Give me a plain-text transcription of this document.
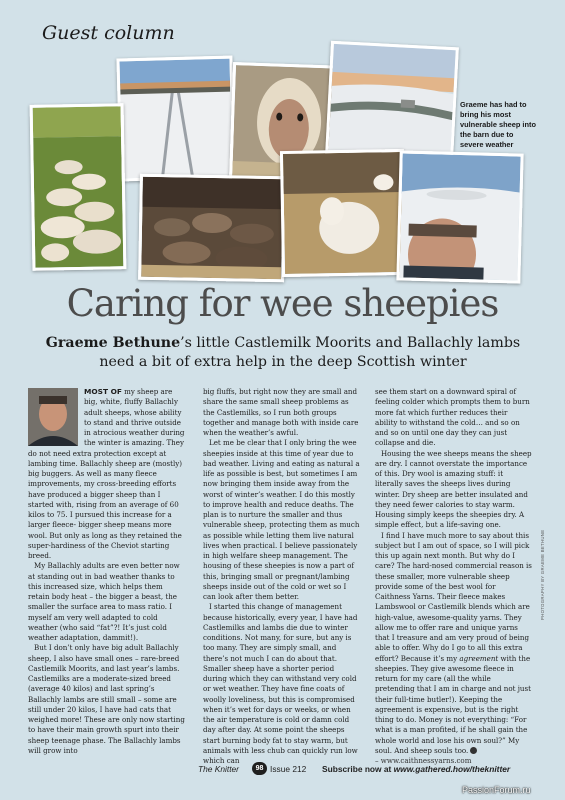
Guest column
Graeme has had to bring his most vulnerable sheep into the barn due to severe weather
Caring for wee sheepies

Graeme Bethune’s little Castlemilk Moorits and Ballachly lambs need a bit of extra help in the deep Scottish winter

MOST OF my sheep are big, white, fluffy Ballachly adult sheeps, whose ability to stand and thrive outside in atrocious weather during the winter is amazing. They do not need extra protection except at lambing time. Ballachly sheep are (mostly) big buggers. As well as many fleece improvements, my cross-breeding efforts have produced a bigger sheep than I started with, rising from an average of 60 kilos to 75. I pursued this increase for a larger fleece- bigger sheep means more wool. But only as long as they retained the super-hardiness of the Cheviot starting breed.

My Ballachly adults are even better now at standing out in bad weather thanks to this increased size, which helps them retain body heat – the bigger a beast, the smaller the surface area to mass ratio. I myself am very well adapted to cold weather (who said “fat”?! It’s just cold weather adaptation, dammit!).

But I don’t only have big adult Ballachly sheep, I also have small ones – rare-breed Castlemilk Moorits, and last year’s lambs. Castlemilks are a moderate-sized breed (average 40 kilos) and last spring’s Ballachly lambs are still small – some are still under 20 kilos, I have had cats that weighed more! These are only now starting to have their main growth spurt into their sheep teenage phase. The Ballachly lambs will grow into

big fluffs, but right now they are small and share the same small sheep problems as the Castlemilks, so I run both groups together and manage both with inside care when the weather’s awful.

Let me be clear that I only bring the wee sheepies inside at this time of year due to bad weather. Living and eating as natural a life as possible is best, but sometimes I am now bringing them inside away from the worst of winter’s weather. I do this mostly to improve health and reduce deaths. The plan is to nurture the smaller and thus vulnerable sheep, protecting them as much as possible while letting them live natural lives when practical. I believe passionately in high welfare sheep management. The housing of these sheepies is now a part of this, bringing small or pregnant/lambing sheeps inside out of the cold or wet so I can look after them better.

I started this change of management because historically, every year, I have had Castlemilks and lambs die due to winter conditions. Not many, for sure, but any is too many. They are simply small, and there’s not much I can do about that. Smaller sheep have a shorter period during which they can withstand very cold or wet weather. They have fine coats of woolly loveliness, but this is compromised when it’s wet for days or weeks, or when the air temperature is cold or damn cold day after day. At some point the sheeps start burning body fat to stay warm, but animals with less chub can quickly run low which can

see them start on a downward spiral of feeling colder which prompts them to burn more fat which further reduces their ability to withstand the cold… and so on and so on until one day they can just collapse and die.

Housing the wee sheeps means the sheep are dry. I cannot overstate the importance of this. Dry wool is amazing stuff: it literally saves the sheeps lives during winter. Dry sheep are better insulated and they need fewer calories to stay warm. Housing simply keeps the sheepies dry. A simple effect, but a life-saving one.

I find I have much more to say about this subject but I am out of space, so I will pick this up again next month. But why do I care? The hard-nosed commercial reason is these smaller, more vulnerable sheep provide some of the best wool for Caithness Yarns. Their fleece makes Lambswool or Castlemilk blends which are high-value, awesome-quality yarns. They allow me to offer rare and unique yarns that I treasure and am very proud of being able to offer. Why do I go to all this extra effort? Because it’s my agreement with the sheepies. They give awesome fleece in return for my care (all the while pretending that I am in charge and not just their full-time butler!). Keeping the agreement is expensive, but is the right thing to do. Money is not everything: “For what is a man profited, if he shall gain the whole world and lose his own soul?” My soul. And sheep souls too.

– www.caithnessyarns.com

PHOTOGRAPHY BY GRAEME BETHUNE
The Knitter	98 Issue 212 Subscribe now at www.gathered.how/theknitter
PassionForum.ru
